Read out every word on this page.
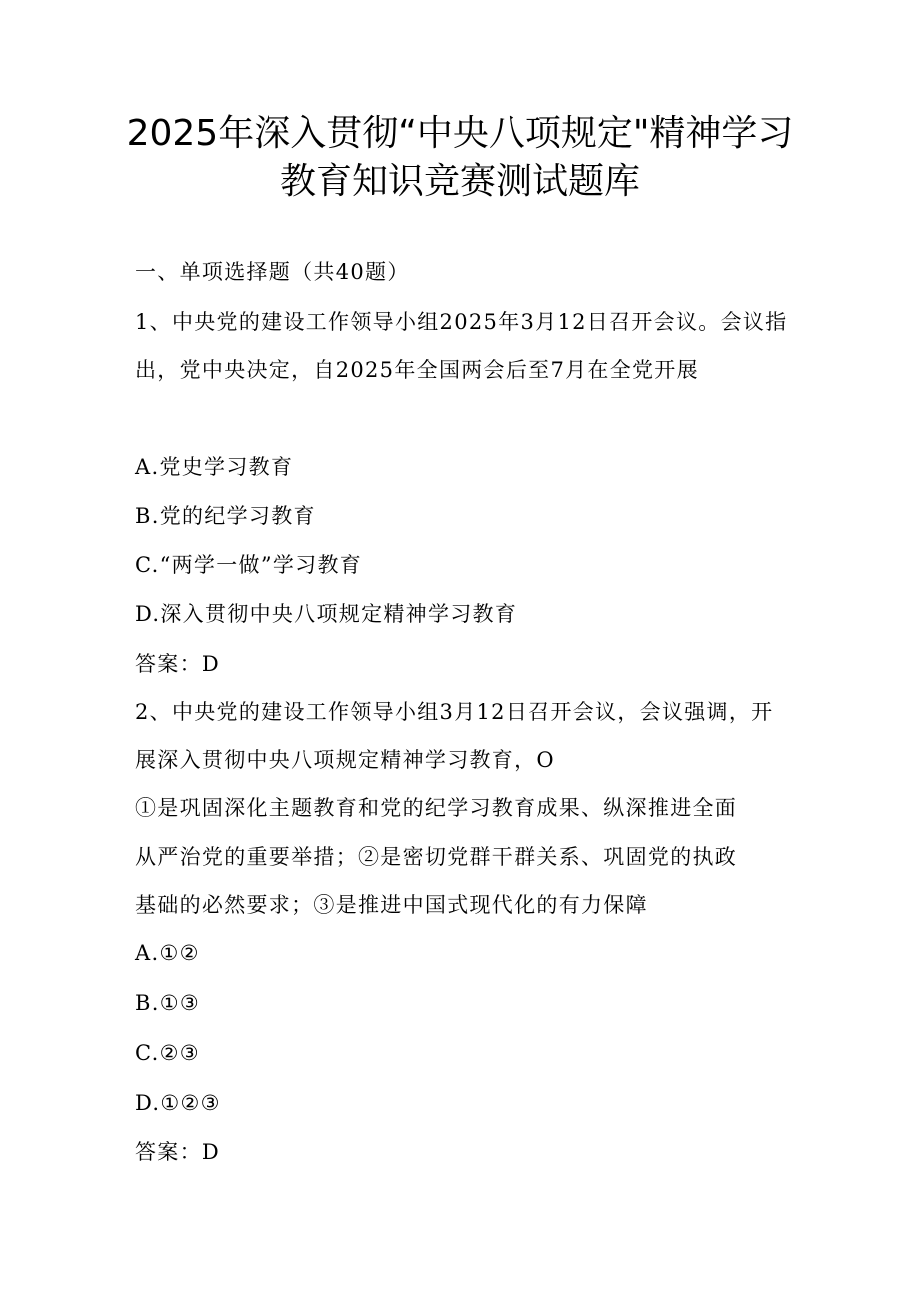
2025年深入贯彻“中央八项规定"精神学习
教育知识竞赛测试题库
一、单项选择题（共40题）
1、中央党的建设工作领导小组2025年3月12日召开会议。会议指
出，党中央决定，自2025年全国两会后至7月在全党开展
A.党史学习教育
B.党的纪学习教育
C.“两学一做”学习教育
D.深入贯彻中央八项规定精神学习教育
答案：D
2、中央党的建设工作领导小组3月12日召开会议，会议强调，开
展深入贯彻中央八项规定精神学习教育，O
①是巩固深化主题教育和党的纪学习教育成果、纵深推进全面
从严治党的重要举措；②是密切党群干群关系、巩固党的执政
基础的必然要求；③是推进中国式现代化的有力保障
A.①②
B.①③
C.②③
D.①②③
答案：D
